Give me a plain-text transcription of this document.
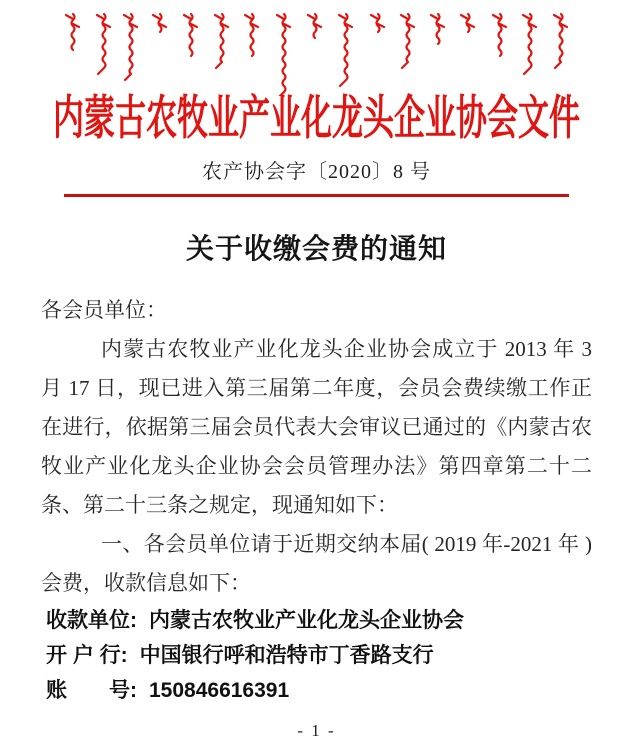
内蒙古农牧业产业化龙头企业协会文件
农产协会字〔2020〕8 号
关于收缴会费的通知

各会员单位：

内蒙古农牧业产业化龙头企业协会成立于 2013 年 3 月 17 日，现已进入第三届第二年度，会员会费续缴工作正在进行，依据第三届会员代表大会审议已通过的《内蒙古农牧业产业化龙头企业协会会员管理办法》第四章第二十二条、第二十三条之规定，现通知如下：

一、各会员单位请于近期交纳本届( 2019 年-2021 年 )会费，收款信息如下：

收款单位: 内蒙古农牧业产业化龙头企业协会

开 户 行: 中国银行呼和浩特市丁香路支行

账　　号: 150846616391

- 1 -
